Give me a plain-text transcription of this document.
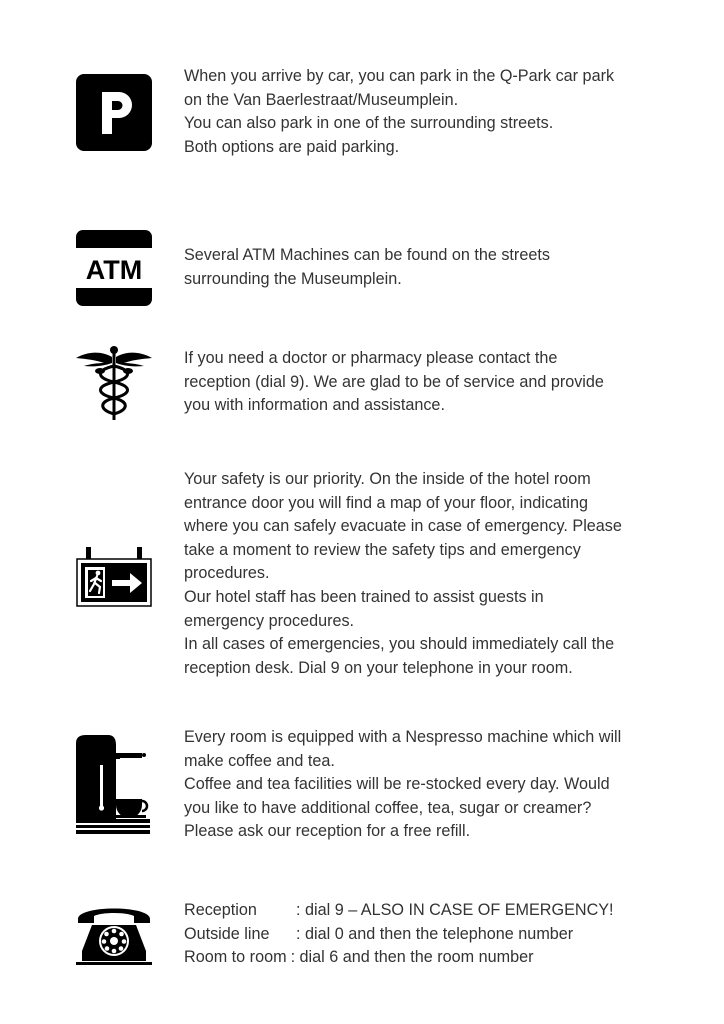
When you arrive by car, you can park in the Q-Park car park

on the Van Baerlestraat/Museumplein.

You can also park in one of the surrounding streets.

Both options are paid parking.

ATM	Several ATM Machines can be found on the streets

surrounding the Museumplein.

If you need a doctor or pharmacy please contact the

reception (dial 9). We are glad to be of service and provide

you with information and assistance.

Your safety is our priority. On the inside of the hotel room

entrance door you will find a map of your floor, indicating

where you can safely evacuate in case of emergency. Please

take a moment to review the safety tips and emergency

procedures.

Our hotel staff has been trained to assist guests in

emergency procedures.

In all cases of emergencies, you should immediately call the

reception desk. Dial 9 on your telephone in your room.

Every room is equipped with a Nespresso machine which will

make coffee and tea.

Coffee and tea facilities will be re-stocked every day. Would

you like to have additional coffee, tea, sugar or creamer?

Please ask our reception for a free refill.

Reception	: dial 9 – ALSO IN CASE OF EMERGENCY!
Outside line	: dial 0 and then the telephone number
Room to room : dial 6 and then the room number
